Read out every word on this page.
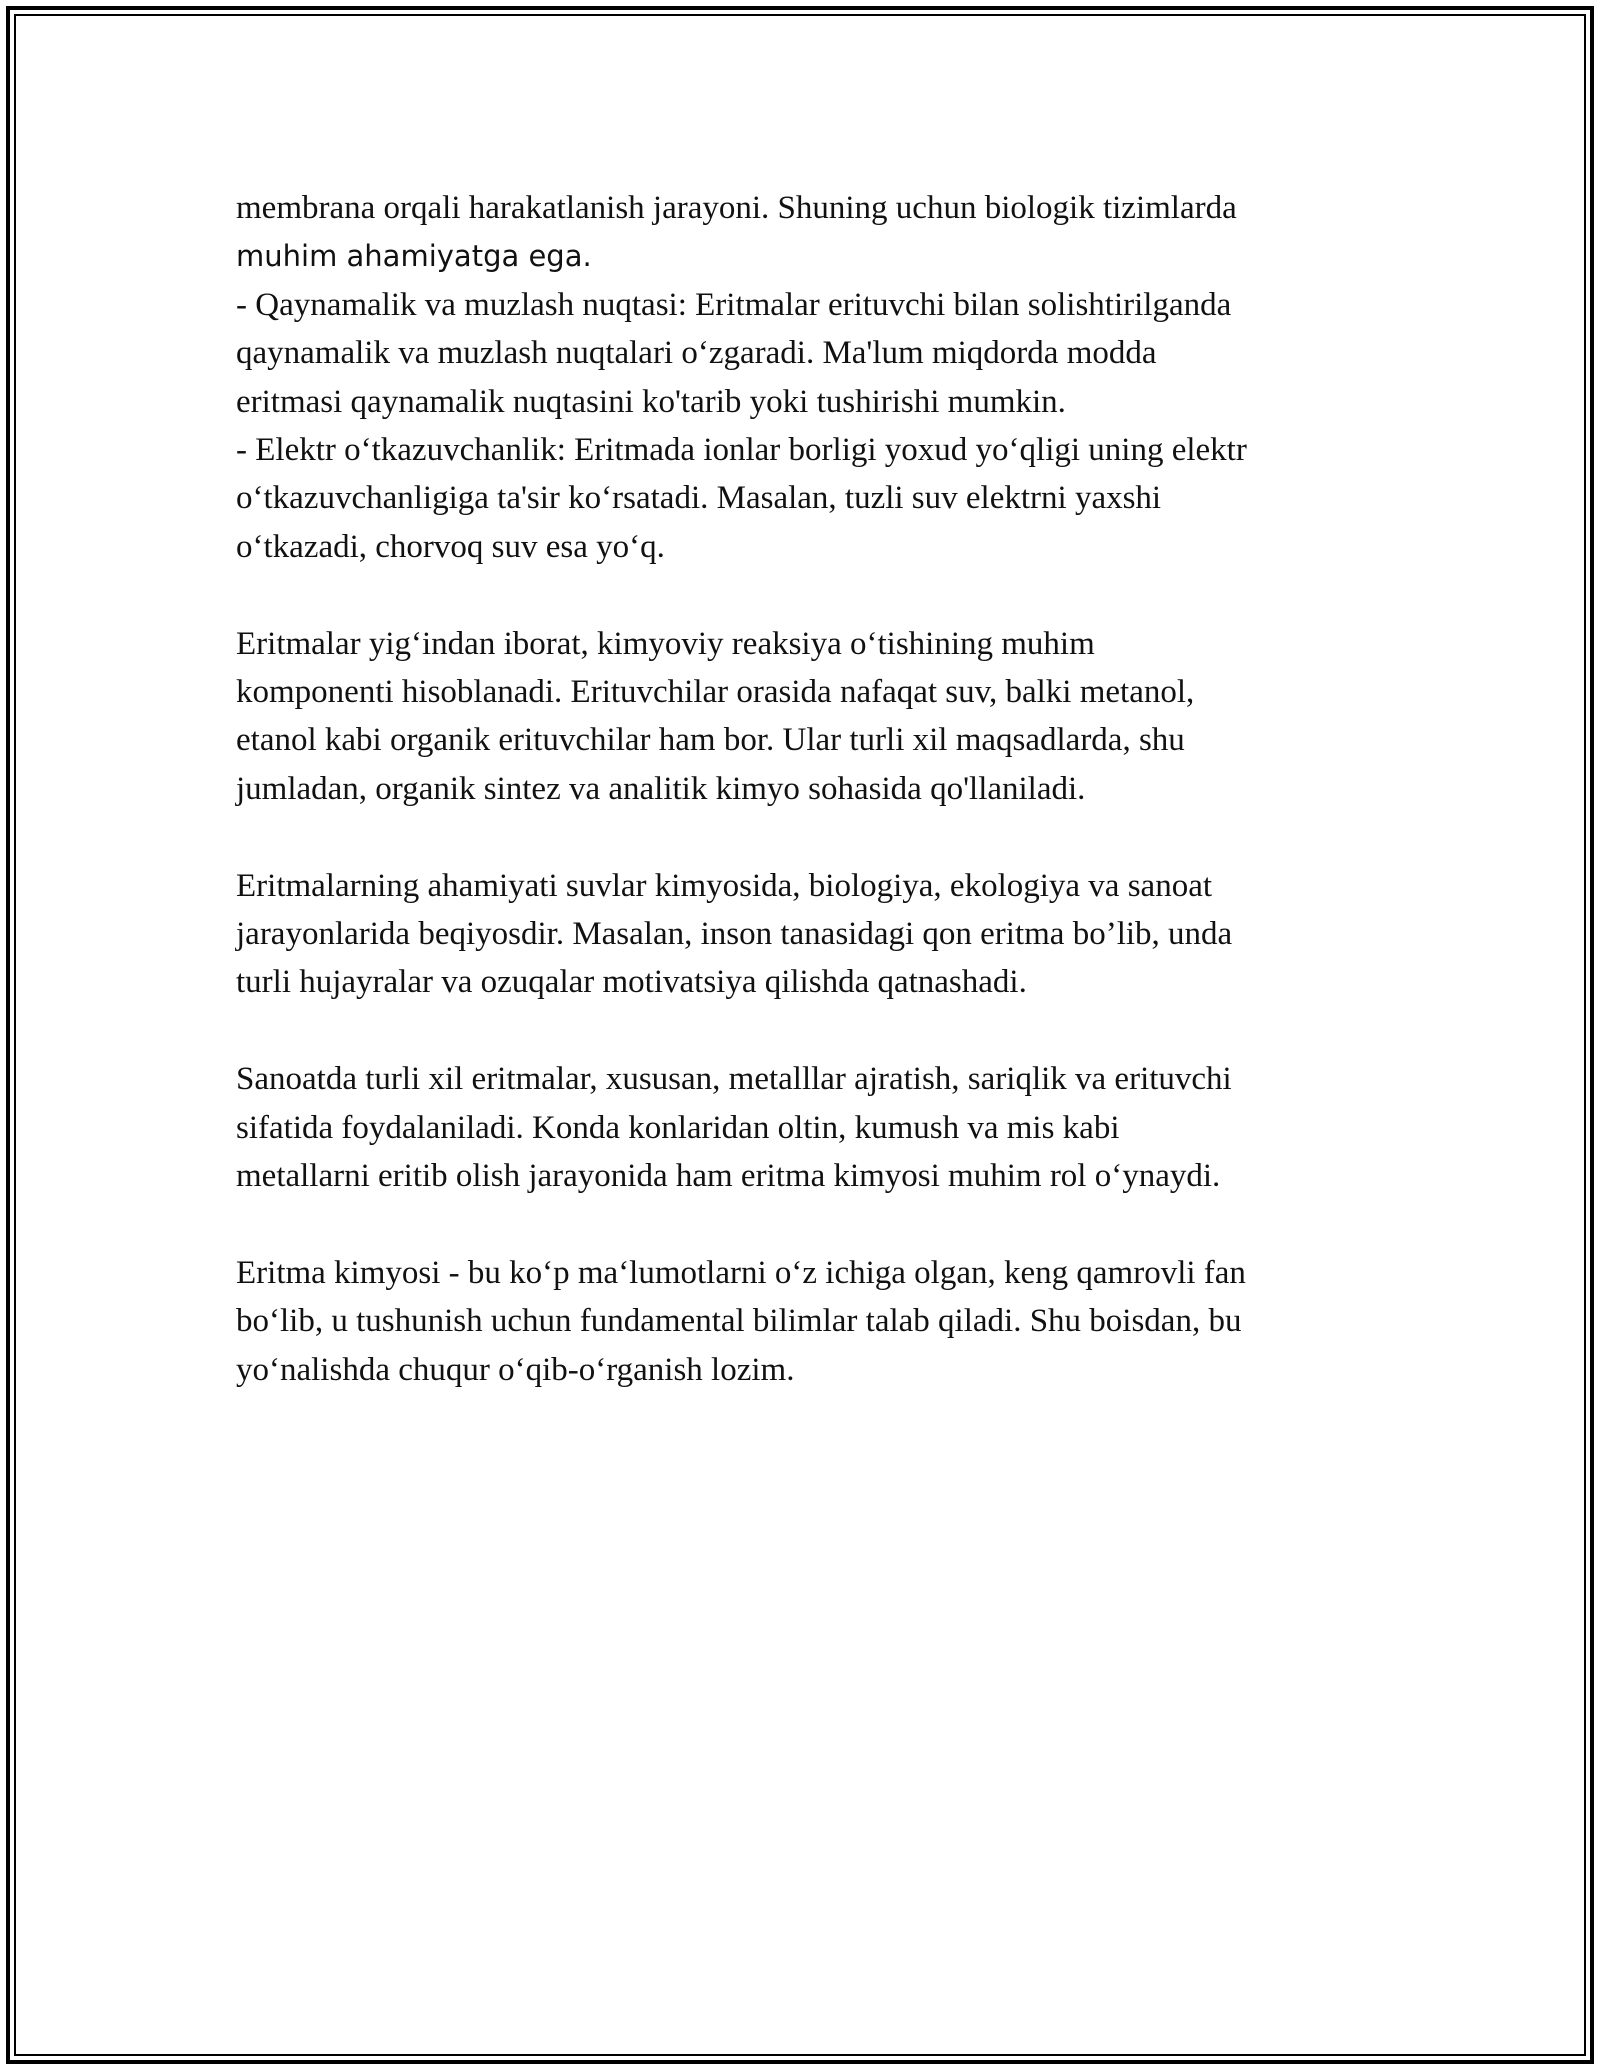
membrana orqali harakatlanish jarayoni. Shuning uchun biologik tizimlarda
muhim ahamiyatga ega.
- Qaynamalik va muzlash nuqtasi: Eritmalar erituvchi bilan solishtirilganda
qaynamalik va muzlash nuqtalari o‘zgaradi. Ma'lum miqdorda modda
eritmasi qaynamalik nuqtasini ko'tarib yoki tushirishi mumkin.
- Elektr o‘tkazuvchanlik: Eritmada ionlar borligi yoxud yo‘qligi uning elektr
o‘tkazuvchanligiga ta'sir ko‘rsatadi. Masalan, tuzli suv elektrni yaxshi
o‘tkazadi, chorvoq suv esa yo‘q.
Eritmalar yig‘indan iborat, kimyoviy reaksiya o‘tishining muhim
komponenti hisoblanadi. Erituvchilar orasida nafaqat suv, balki metanol,
etanol kabi organik erituvchilar ham bor. Ular turli xil maqsadlarda, shu
jumladan, organik sintez va analitik kimyo sohasida qo'llaniladi.
Eritmalarning ahamiyati suvlar kimyosida, biologiya, ekologiya va sanoat
jarayonlarida beqiyosdir. Masalan, inson tanasidagi qon eritma bo’lib, unda
turli hujayralar va ozuqalar motivatsiya qilishda qatnashadi.
Sanoatda turli xil eritmalar, xususan, metalllar ajratish, sariqlik va erituvchi
sifatida foydalaniladi. Konda konlaridan oltin, kumush va mis kabi
metallarni eritib olish jarayonida ham eritma kimyosi muhim rol o‘ynaydi.
Eritma kimyosi - bu ko‘p ma‘lumotlarni o‘z ichiga olgan, keng qamrovli fan
bo‘lib, u tushunish uchun fundamental bilimlar talab qiladi. Shu boisdan, bu
yo‘nalishda chuqur o‘qib-o‘rganish lozim.
